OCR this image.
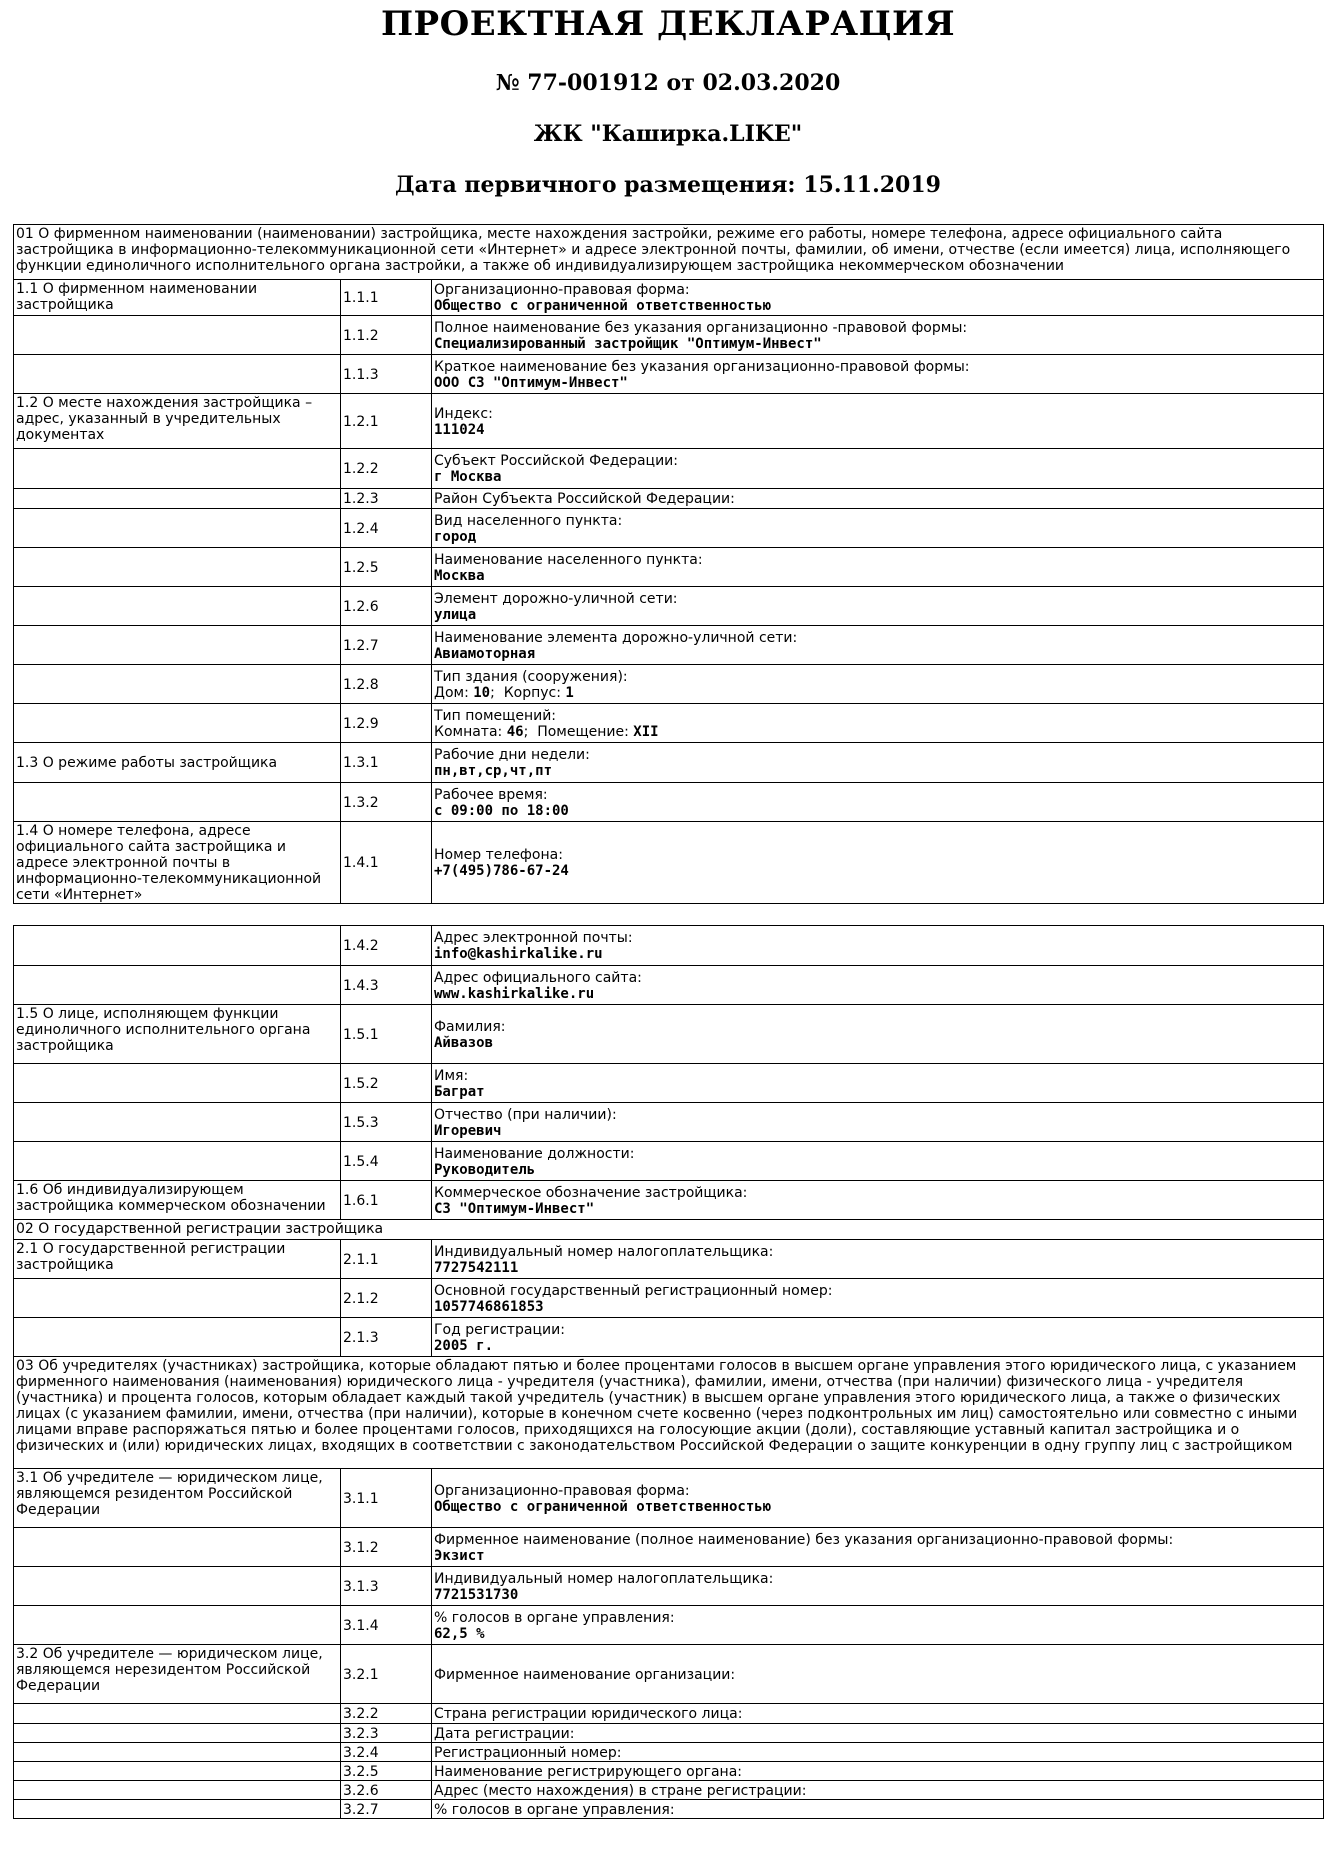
ПРОЕКТНАЯ ДЕКЛАРАЦИЯ
№ 77-001912 от 02.03.2020
ЖК "Каширка.LIKE"
Дата первичного размещения: 15.11.2019
01 О фирменном наименовании (наименовании) застройщика, месте нахождения застройки, режиме его работы, номере телефона, адресе официального сайта застройщика в информационно-телекоммуникационной сети «Интернет» и адресе электронной почты, фамилии, об имени, отчестве (если имеется) лица, исполняющего функции единоличного исполнительного органа застройки, а также об индивидуализирующем застройщика некоммерческом обозначении		
1.1 О фирменном наименовании застройщика	1.1.1	Организационно-правовая форма:
Общество с ограниченной ответственностью

	1.1.2	Полное наименование без указания организационно -правовой формы:
Специализированный застройщик "Оптимум-Инвест"

	1.1.3	Краткое наименование без указания организационно-правовой формы:
ООО СЗ "Оптимум-Инвест"

1.2 О месте нахождения застройщика – адрес, указанный в учредительных документах	1.2.1	Индекс:
111024

	1.2.2	Субъект Российской Федерации:
г Москва

	1.2.3	Район Субъекта Российской Федерации:

	1.2.4	Вид населенного пункта:
город

	1.2.5	Наименование населенного пункта:
Москва

	1.2.6	Элемент дорожно-уличной сети:
улица

	1.2.7	Наименование элемента дорожно-уличной сети:
Авиамоторная

	1.2.8	Тип здания (сооружения):
Дом: 10; Корпус: 1

	1.2.9	Тип помещений:
Комната: 46; Помещение: XII

1.3 О режиме работы застройщика	1.3.1	Рабочие дни недели:
пн,вт,ср,чт,пт

	1.3.2	Рабочее время:
с 09:00 по 18:00

1.4 О номере телефона, адресе официального сайта застройщика и адресе электронной почты в информационно-телекоммуникационной сети «Интернет»	1.4.1	Номер телефона:
+7(495)786-67-24
	1.4.2	Адрес электронной почты:
info@kashirkalike.ru

	1.4.3	Адрес официального сайта:
www.kashirkalike.ru

1.5 О лице, исполняющем функции единоличного исполнительного органа застройщика	1.5.1	Фамилия:
Айвазов

	1.5.2	Имя:
Баграт

	1.5.3	Отчество (при наличии):
Игоревич

	1.5.4	Наименование должности:
Руководитель

1.6 Об индивидуализирующем застройщика коммерческом обозначении	1.6.1	Коммерческое обозначение застройщика:
СЗ "Оптимум-Инвест"

02 О государственной регистрации застройщика		
2.1 О государственной регистрации застройщика	2.1.1	Индивидуальный номер налогоплательщика:
7727542111

	2.1.2	Основной государственный регистрационный номер:
1057746861853

	2.1.3	Год регистрации:
2005 г.

03 Об учредителях (участниках) застройщика, которые обладают пятью и более процентами голосов в высшем органе управления этого юридического лица, с указанием фирменного наименования (наименования) юридического лица - учредителя (участника), фамилии, имени, отчества (при наличии) физического лица - учредителя (участника) и процента голосов, которым обладает каждый такой учредитель (участник) в высшем органе управления этого юридического лица, а также о физических лицах (с указанием фамилии, имени, отчества (при наличии), которые в конечном счете косвенно (через подконтрольных им лиц) самостоятельно или совместно с иными лицами вправе распоряжаться пятью и более процентами голосов, приходящихся на голосующие акции (доли), составляющие уставный капитал застройщика и о физических и (или) юридических лицах, входящих в соответствии с законодательством Российской Федерации о защите конкуренции в одну группу лиц с застройщиком		
3.1 Об учредителе — юридическом лице, являющемся резидентом Российской Федерации	3.1.1	Организационно-правовая форма:
Общество с ограниченной ответственностью

	3.1.2	Фирменное наименование (полное наименование) без указания организационно-правовой формы:
Экзист

	3.1.3	Индивидуальный номер налогоплательщика:
7721531730

	3.1.4	% голосов в органе управления:
62,5 %

3.2 Об учредителе — юридическом лице, являющемся нерезидентом Российской Федерации	3.2.1	Фирменное наименование организации:

	3.2.2	Страна регистрации юридического лица:

	3.2.3	Дата регистрации:

	3.2.4	Регистрационный номер:

	3.2.5	Наименование регистрирующего органа:

	3.2.6	Адрес (место нахождения) в стране регистрации:

	3.2.7	% голосов в органе управления:
